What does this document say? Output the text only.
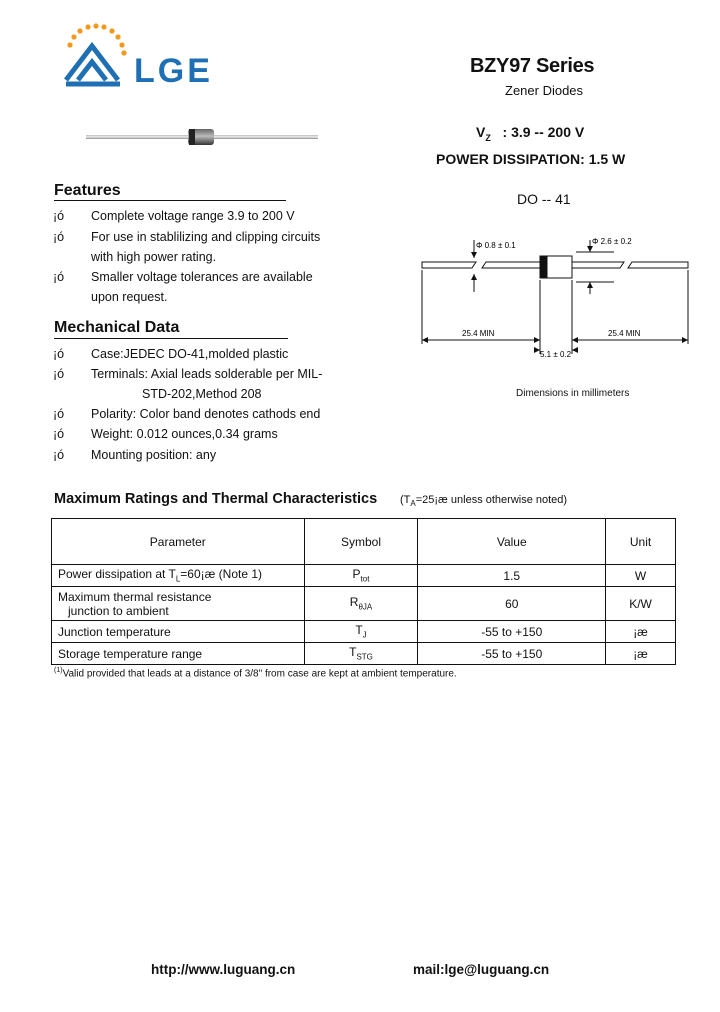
LGE	BZY97 Series
Zener Diodes
$V_Z$ : 3.9 -- 200 V
POWER DISSIPATION: 1.5 W
Features
¡ó Complete voltage range 3.9 to 200 V
¡ó For use in stablilizing and clipping circuits
with high power rating.
¡ó Smaller voltage tolerances are available
upon request.
Mechanical Data
¡ó Case:JEDEC DO-41,molded plastic
¡ó Terminals: Axial leads solderable per MIL-
STD-202,Method 208
¡ó Polarity: Color band denotes cathods end
¡ó Weight: 0.012 ounces,0.34 grams
¡ó Mounting position: any
DO -- 41
Φ 0.8 ± 0.1	Φ 2.6 ± 0.2
25.4 MIN	25.4 MIN
5.1 ± 0.2
Dimensions in millimeters
Maximum Ratings and Thermal Characteristics ($T_A=25¡æ$ unless otherwise noted)
Parameter	Symbol	Value	Unit
Power dissipation at $T_L=60¡æ$ (Note 1)	$P_{tot}$	1.5	W

Maximum thermal resistance
junction to ambient	$R_{\theta JA}$	60	K/W
Junction temperature	$T_J$	-55 to +150	¡æ
Storage temperature range	$T_{STG}$	-55 to +150	¡æ
$^{(1)}$Valid provided that leads at a distance of 3/8" from case are kept at ambient temperature.
http://www.luguang.cn	mail:lge@luguang.cn
